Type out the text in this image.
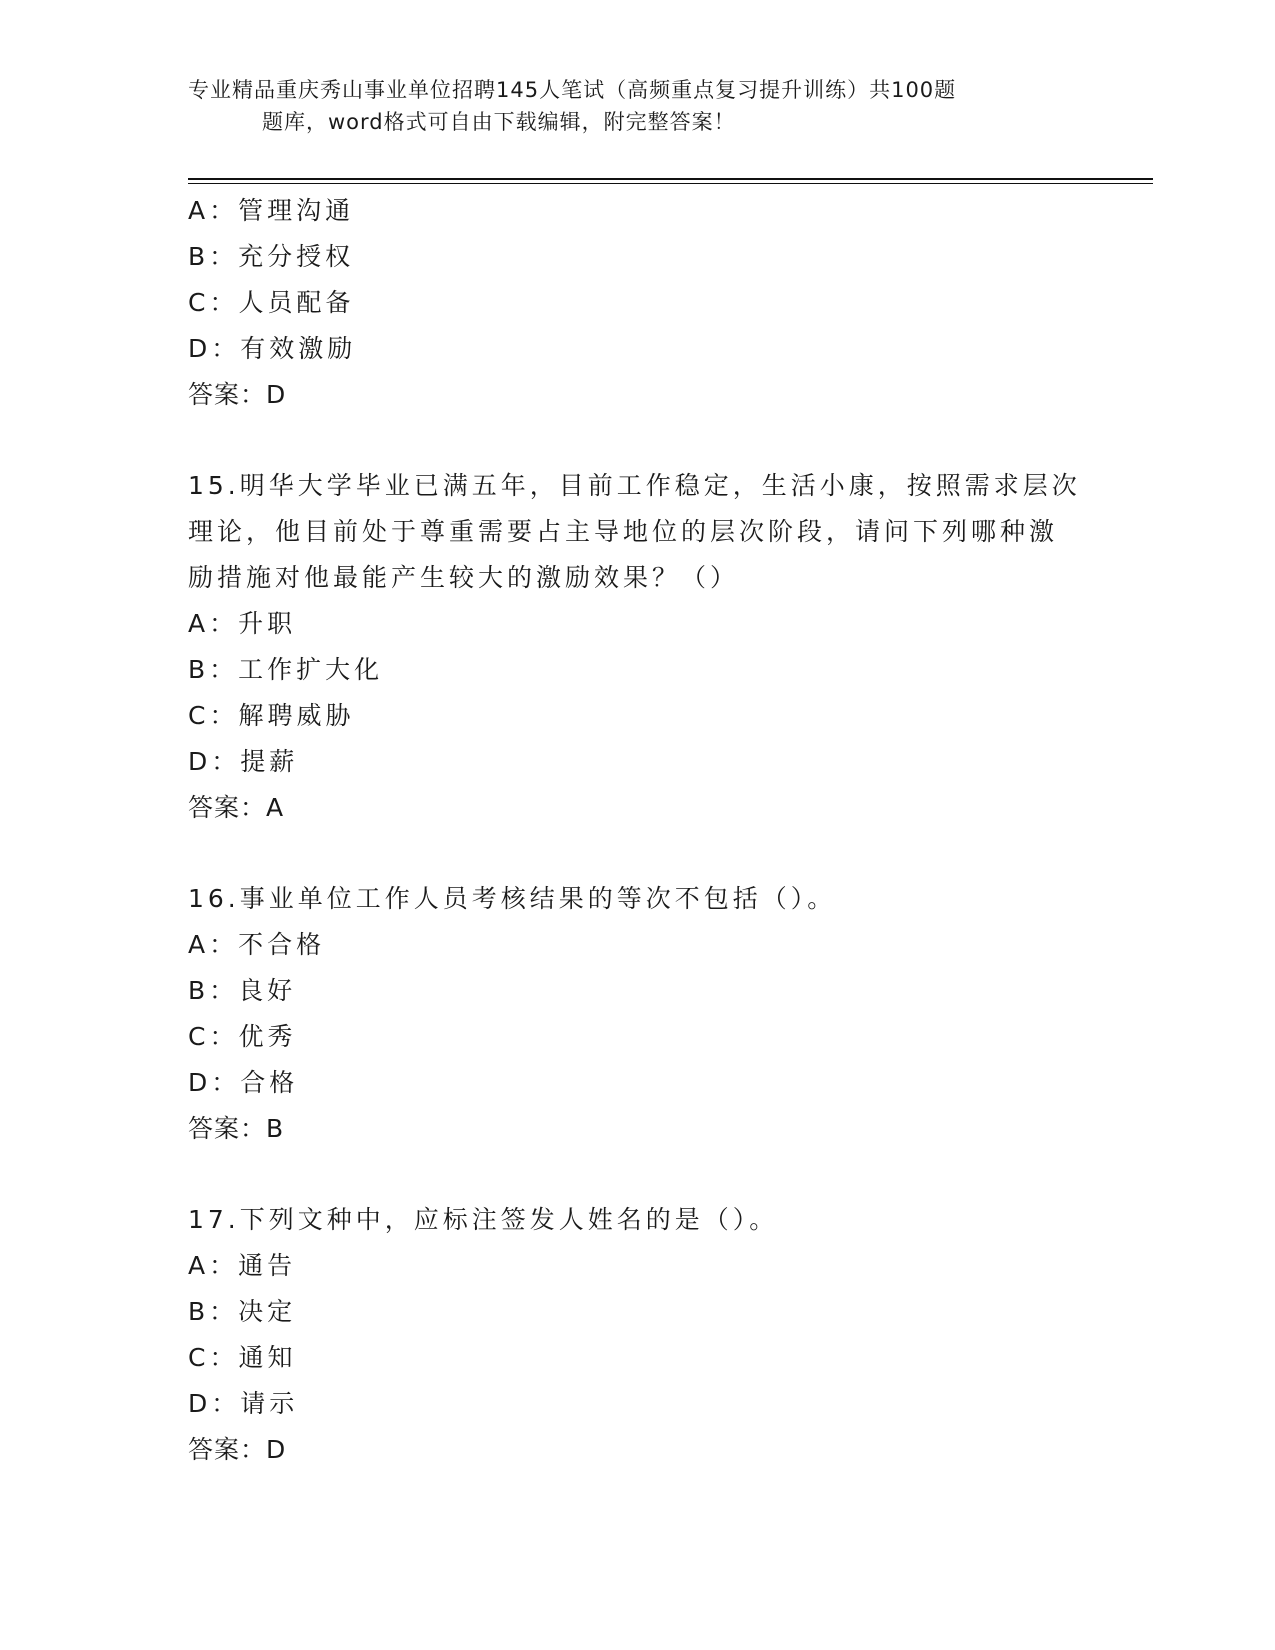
专业精品重庆秀山事业单位招聘145人笔试（高频重点复习提升训练）共100题
题库，word格式可自由下载编辑，附完整答案！
A：管理沟通
B：充分授权
C：人员配备
D：有效激励
答案：D
15.明华大学毕业已满五年，目前工作稳定，生活小康，按照需求层次
理论，他目前处于尊重需要占主导地位的层次阶段，请问下列哪种激
励措施对他最能产生较大的激励效果？（）
A：升职
B：工作扩大化
C：解聘威胁
D：提薪
答案：A
16.事业单位工作人员考核结果的等次不包括（）。
A：不合格
B：良好
C：优秀
D：合格
答案：B
17.下列文种中，应标注签发人姓名的是（）。
A：通告
B：决定
C：通知
D：请示
答案：D
